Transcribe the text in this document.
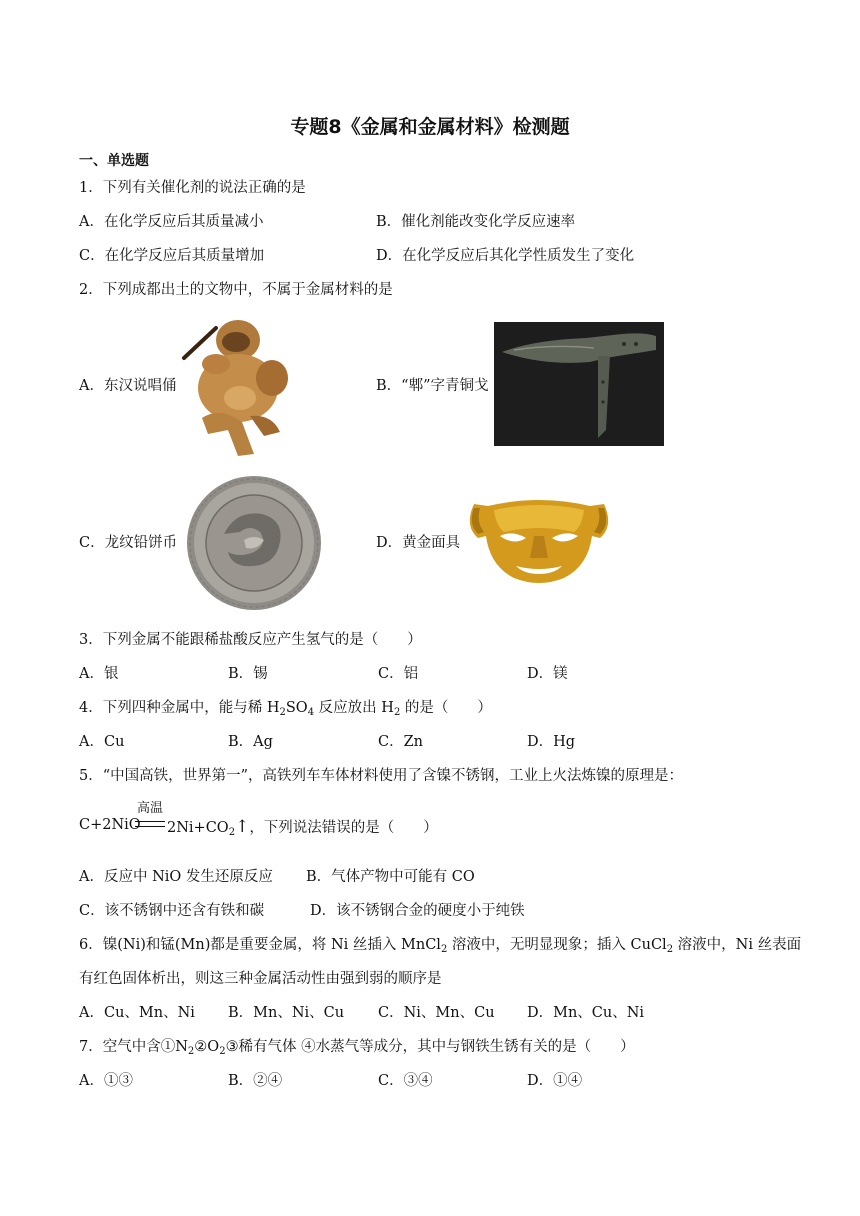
专题8《金属和金属材料》检测题
一、单选题
1．下列有关催化剂的说法正确的是
A．在化学反应后其质量减小	B．催化剂能改变化学反应速率
C．在化学反应后其质量增加	D．在化学反应后其化学性质发生了变化
2．下列成都出土的文物中，不属于金属材料的是
A．东汉说唱俑	B．“郫”字青铜戈
C．龙纹铅饼币	D．黄金面具
3．下列金属不能跟稀盐酸反应产生氢气的是（　　）
A．银	B．锡	C．铝	D．镁
4．下列四种金属中，能与稀 $H_2SO_4$ 反应放出 $H_2$ 的是（　　）
A．Cu	B．Ag	C．Zn	D．Hg
5．“中国高铁，世界第一”，高铁列车车体材料使用了含镍不锈钢，工业上火法炼镍的原理是：
C+2NiO
高温
$2Ni+CO_2↑$，下列说法错误的是（　　）
A．反应中 NiO 发生还原反应 B．气体产物中可能有 CO
C．该不锈钢中还含有铁和碳	D．该不锈钢合金的硬度小于纯铁
6．镍(Ni)和锰(Mn)都是重要金属，将 Ni 丝插入 MnCl$_2$ 溶液中，无明显现象；插入 CuCl$_2$ 溶液中，Ni 丝表面
有红色固体析出，则这三种金属活动性由强到弱的顺序是
A．Cu、Mn、Ni B．Mn、Ni、Cu C．Ni、Mn、Cu D．Mn、Cu、Ni
7．空气中含$①N_2②O_2③$稀有气体 ④水蒸气等成分，其中与钢铁生锈有关的是（　　）
A．①③	B．②④	C．③④	D．①④
